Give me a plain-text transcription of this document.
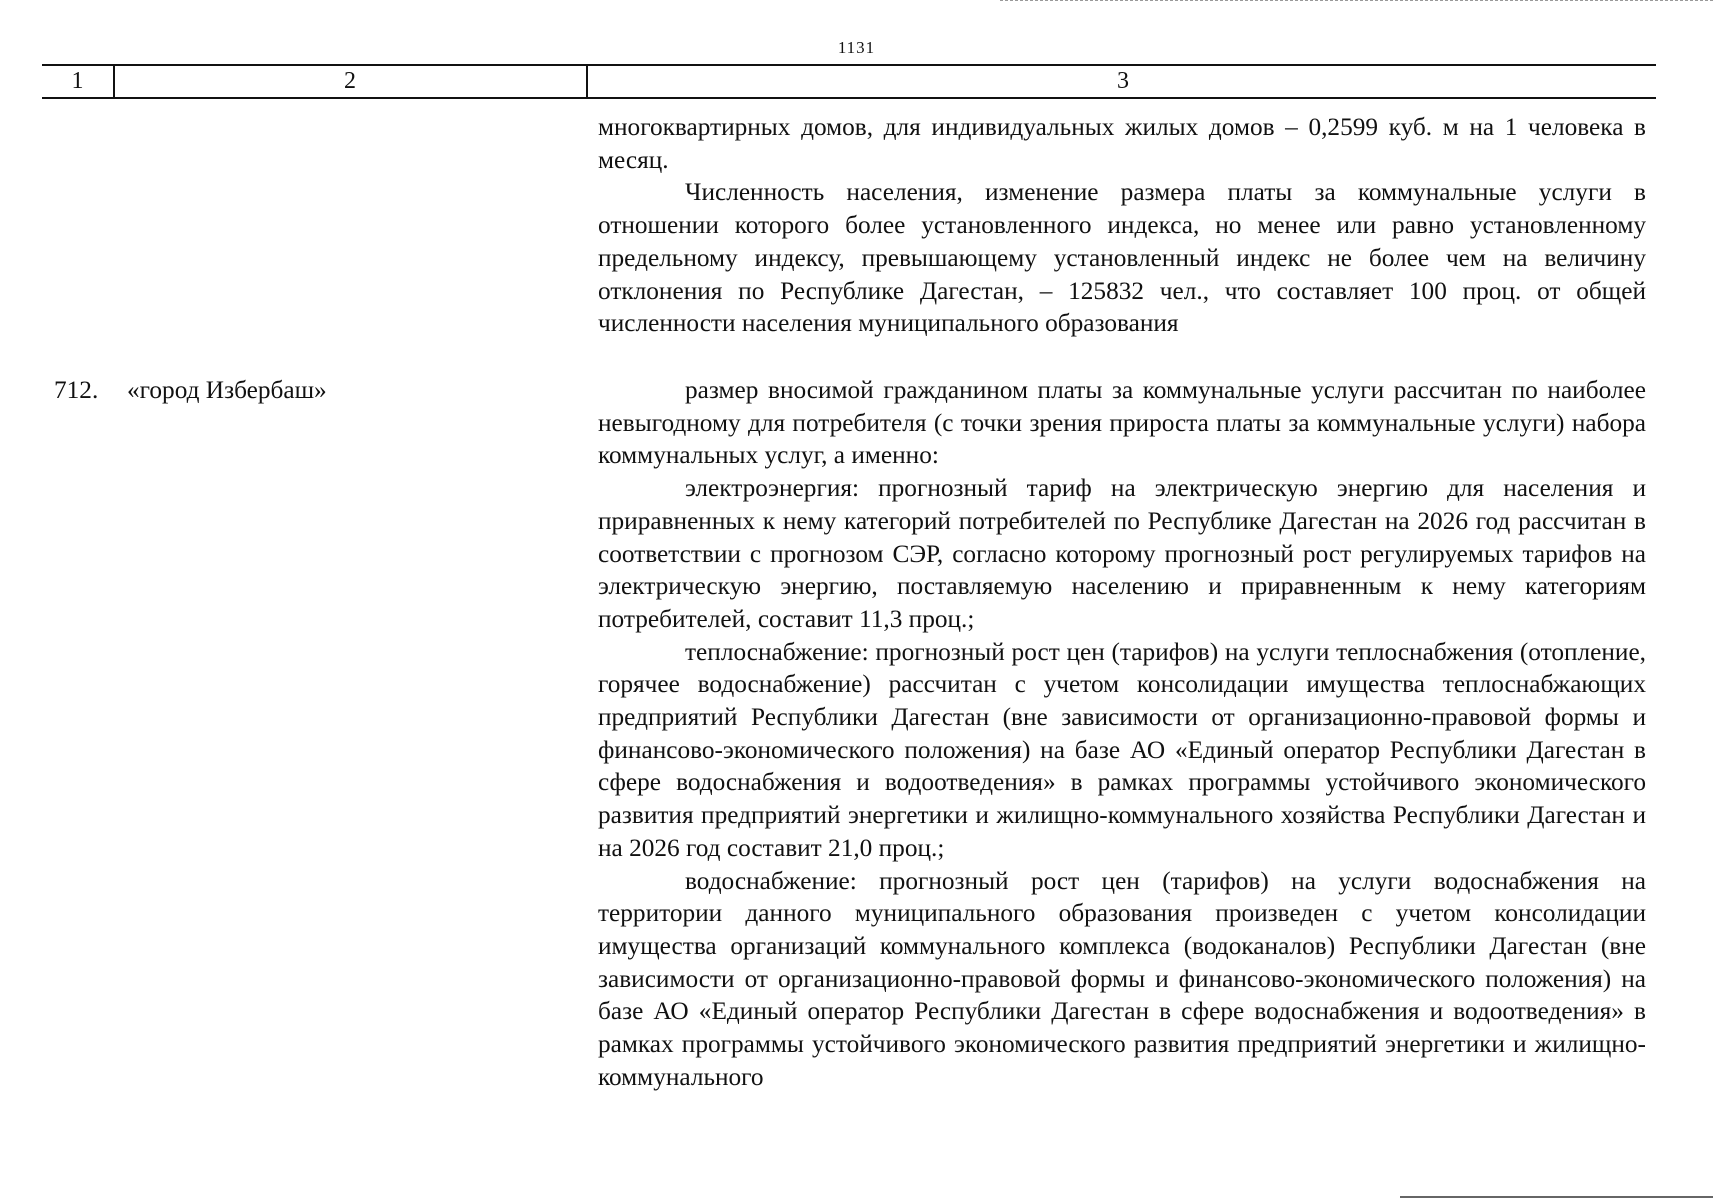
1131
1	2	3

многоквартирных домов, для индивидуальных жилых домов – 0,2599 куб. м на 1 человека в месяц.

Численность населения, изменение размера платы за коммунальные услуги в отношении которого более установленного индекса, но менее или равно установленному предельному индексу, превышающему установленный индекс не более чем на величину отклонения по Республике Дагестан, – 125832 чел., что составляет 100 проц. от общей численности населения муниципального образования

712. «город Избербаш»	размер вносимой гражданином платы за коммунальные услуги рассчитан по наиболее невыгодному для потребителя (с точки зрения прироста платы за коммунальные услуги) набора коммунальных услуг, а именно:

электроэнергия: прогнозный тариф на электрическую энергию для населения и приравненных к нему категорий потребителей по Республике Дагестан на 2026 год рассчитан в соответствии с прогнозом СЭР, согласно которому прогнозный рост регулируемых тарифов на электрическую энергию, поставляемую населению и приравненным к нему категориям потребителей, составит 11,3 проц.;

теплоснабжение: прогнозный рост цен (тарифов) на услуги теплоснабжения (отопление, горячее водоснабжение) рассчитан с учетом консолидации имущества теплоснабжающих предприятий Республики Дагестан (вне зависимости от организационно-правовой формы и финансово-экономического положения) на базе АО «Единый оператор Республики Дагестан в сфере водоснабжения и водоотведения» в рамках программы устойчивого экономического развития предприятий энергетики и жилищно-коммунального хозяйства Республики Дагестан и на 2026 год составит 21,0 проц.;

водоснабжение: прогнозный рост цен (тарифов) на услуги водоснабжения на территории данного муниципального образования произведен с учетом консолидации имущества организаций коммунального комплекса (водоканалов) Республики Дагестан (вне зависимости от организационно-правовой формы и финансово-экономического положения) на базе АО «Единый оператор Республики Дагестан в сфере водоснабжения и водоотведения» в рамках программы устойчивого экономического развития предприятий энергетики и жилищно-коммунального
